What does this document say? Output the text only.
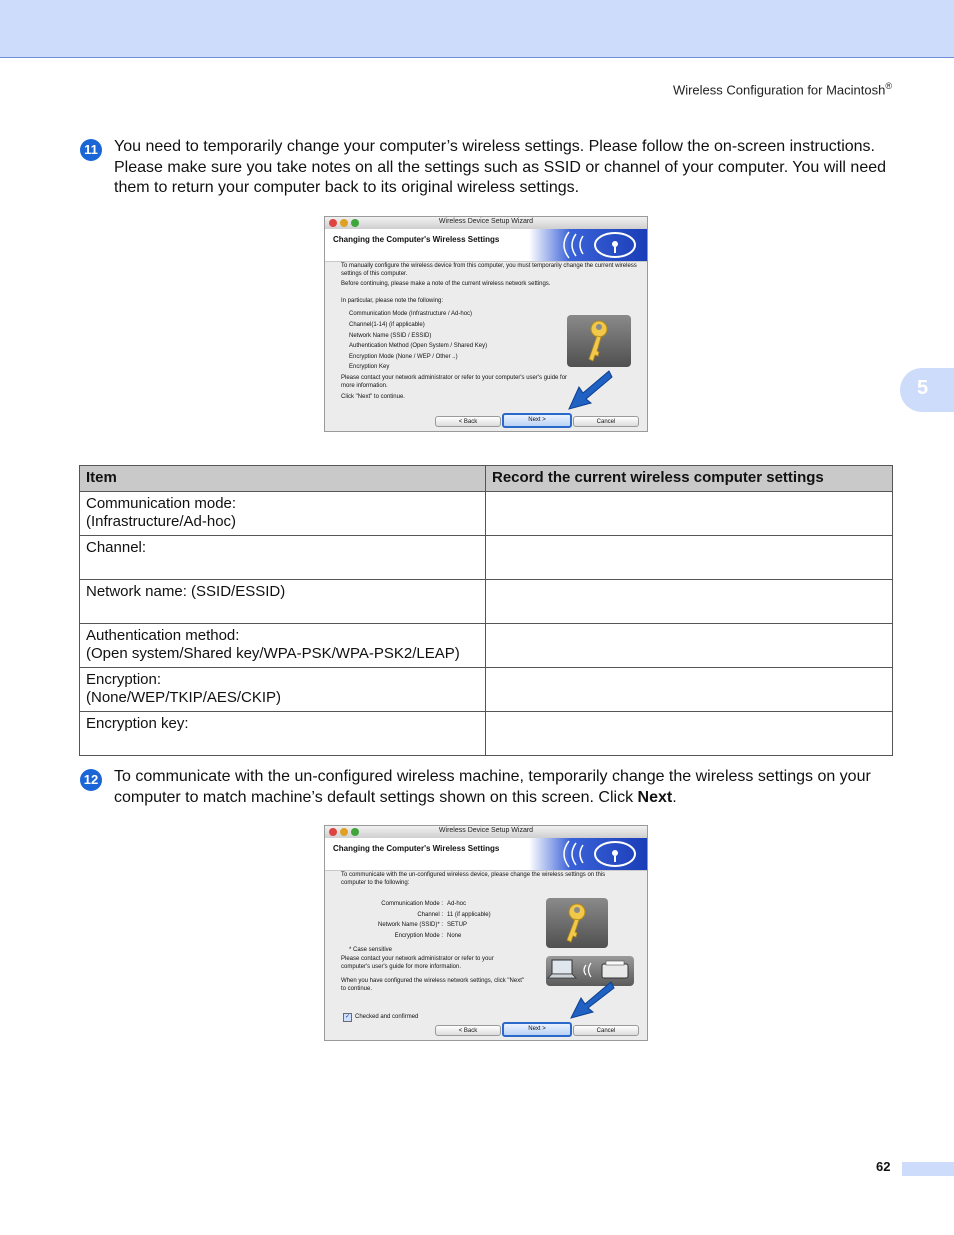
Wireless Configuration for Macintosh®
5
11 You need to temporarily change your computer’s wireless settings. Please follow the on-screen instructions. Please make sure you take notes on all the settings such as SSID or channel of your computer. You will need them to return your computer back to its original wireless settings.
Wireless Device Setup Wizard
Changing the Computer's Wireless Settings

To manually configure the wireless device from this computer, you must temporarily change the current wireless settings of this computer.

Before continuing, please make a note of the current wireless network settings.

In particular, please note the following:

Communication Mode (Infrastructure / Ad-hoc)
Channel(1-14) (if applicable)
Network Name (SSID / ESSID)
Authentication Method (Open System / Shared Key)
Encryption Mode (None / WEP / Other ..)
Encryption Key

Please contact your network administrator or refer to your computer's user's guide for more information.

Click "Next" to continue.

< Back	Next >	Cancel
Item	Record the current wireless computer settings

Communication mode:
(Infrastructure/Ad-hoc)	

Channel:	

Network name: (SSID/ESSID)	

Authentication method:
(Open system/Shared key/WPA-PSK/WPA-PSK2/LEAP)	

Encryption:
(None/WEP/TKIP/AES/CKIP)	

Encryption key:	

12 To communicate with the un-configured wireless machine, temporarily change the wireless settings on your computer to match machine’s default settings shown on this screen. Click Next.
Wireless Device Setup Wizard
Changing the Computer's Wireless Settings

To communicate with the un-configured wireless device, please change the wireless settings on this computer to the following:

Communication Mode : Ad-hoc
Channel : 11 (if applicable)
Network Name (SSID)* : SETUP
Encryption Mode : None

* Case sensitive

Please contact your network administrator or refer to your computer's user's guide for more information.

When you have configured the wireless network settings, click "Next" to continue.

✓ Checked and confirmed
< Back	Next >	Cancel
62
